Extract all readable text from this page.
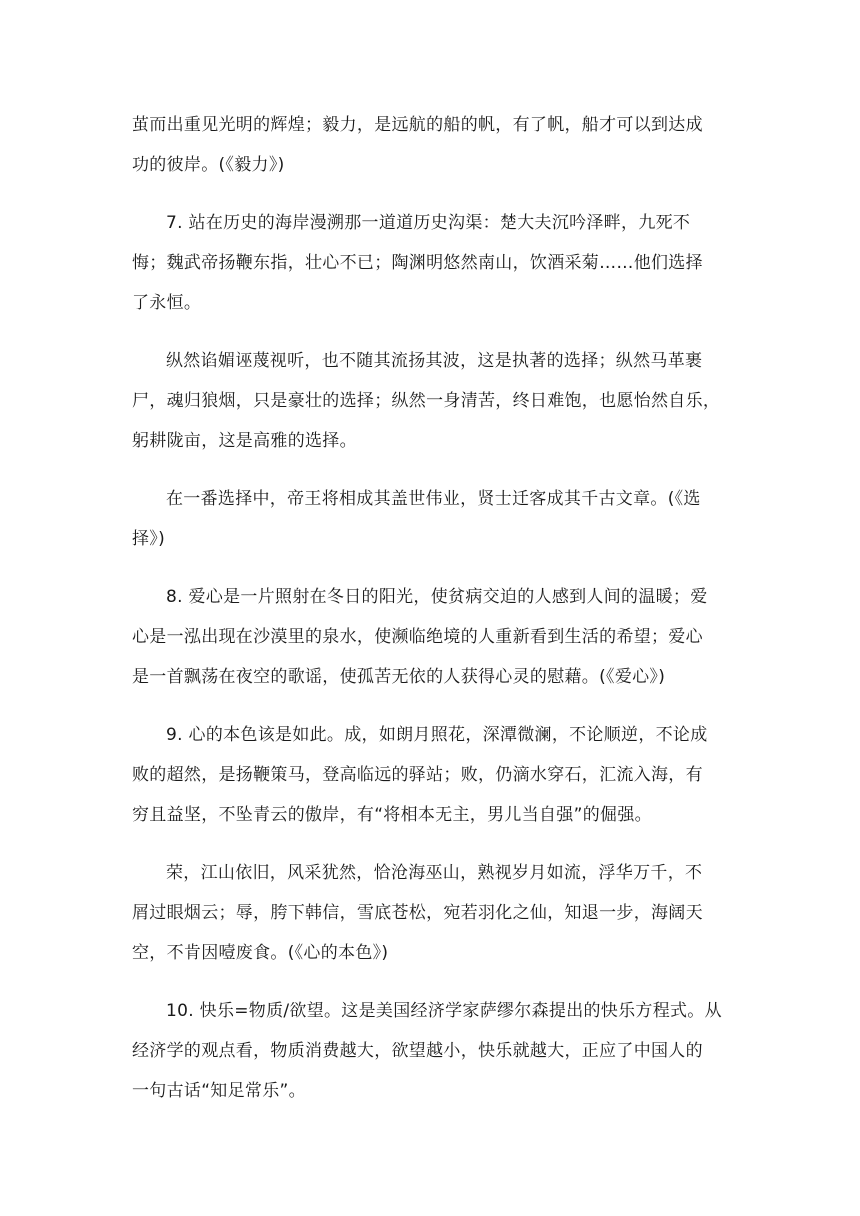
茧而出重见光明的辉煌；毅力，是远航的船的帆，有了帆，船才可以到达成
功的彼岸。(《毅力》)
7. 站在历史的海岸漫溯那一道道历史沟渠：楚大夫沉吟泽畔，九死不
悔；魏武帝扬鞭东指，壮心不已；陶渊明悠然南山，饮酒采菊……他们选择
了永恒。
纵然谄媚诬蔑视听，也不随其流扬其波，这是执著的选择；纵然马革裹
尸，魂归狼烟，只是豪壮的选择；纵然一身清苦，终日难饱，也愿怡然自乐，
躬耕陇亩，这是高雅的选择。
在一番选择中，帝王将相成其盖世伟业，贤士迁客成其千古文章。(《选
择》)
8. 爱心是一片照射在冬日的阳光，使贫病交迫的人感到人间的温暖；爱
心是一泓出现在沙漠里的泉水，使濒临绝境的人重新看到生活的希望；爱心
是一首飘荡在夜空的歌谣，使孤苦无依的人获得心灵的慰藉。(《爱心》)
9. 心的本色该是如此。成，如朗月照花，深潭微澜，不论顺逆，不论成
败的超然，是扬鞭策马，登高临远的驿站；败，仍滴水穿石，汇流入海，有
穷且益坚，不坠青云的傲岸，有“将相本无主，男儿当自强”的倔强。
荣，江山依旧，风采犹然，恰沧海巫山，熟视岁月如流，浮华万千，不
屑过眼烟云；辱，胯下韩信，雪底苍松，宛若羽化之仙，知退一步，海阔天
空，不肯因噎废食。(《心的本色》)
10. 快乐=物质/欲望。这是美国经济学家萨缪尔森提出的快乐方程式。从
经济学的观点看，物质消费越大，欲望越小，快乐就越大，正应了中国人的
一句古话“知足常乐”。
